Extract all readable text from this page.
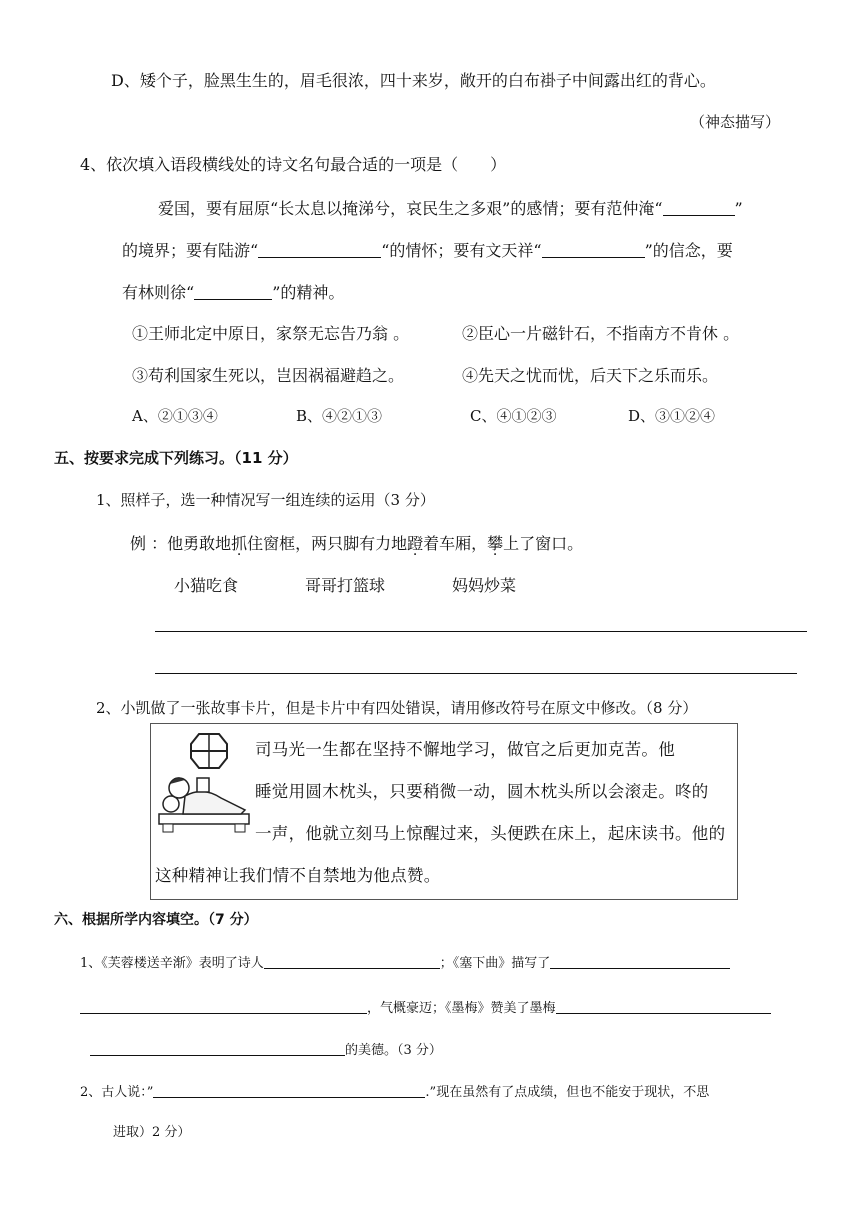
D、矮个子，脸黑生生的，眉毛很浓，四十来岁，敞开的白布褂子中间露出红的背心。
（神态描写）
4、依次填入语段横线处的诗文名句最合适的一项是（　　）
爱国，要有屈原“长太息以掩涕兮，哀民生之多艰”的感情；要有范仲淹“	”
的境界；要有陆游“	“的情怀；要有文天祥“	”的信念，要
有林则徐“	”的精神。
①王师北定中原日，家祭无忘告乃翁 。	②臣心一片磁针石，不指南方不肯休 。
③苟利国家生死以，岂因祸福避趋之。	④先天之忧而忧，后天下之乐而乐。
A、②①③④	B、④②①③	C、④①②③	D、③①②④
五、按要求完成下列练习。（11 分）
1、照样子，选一种情况写一组连续的运用（3 分）
例 ：他勇敢地抓住窗框，两只脚有力地蹬着车厢，攀上了窗口。
小猫吃食	哥哥打篮球	妈妈炒菜
2、小凯做了一张故事卡片，但是卡片中有四处错误，请用修改符号在原文中修改。（8 分）
司马光一生都在坚持不懈地学习，做官之后更加克苦。他
睡觉用圆木枕头，只要稍微一动，圆木枕头所以会滚走。咚的
一声，他就立刻马上惊醒过来，头便跌在床上，起床读书。他的
这种精神让我们情不自禁地为他点赞。
六、根据所学内容填空。（7 分）
1、《芙蓉楼送辛渐》表明了诗人	；《塞下曲》描写了
，气概豪迈；《墨梅》赞美了墨梅
的美德。（3 分）
2、古人说：”	.”现在虽然有了点成绩，但也不能安于现状，不思
进取）2 分）
